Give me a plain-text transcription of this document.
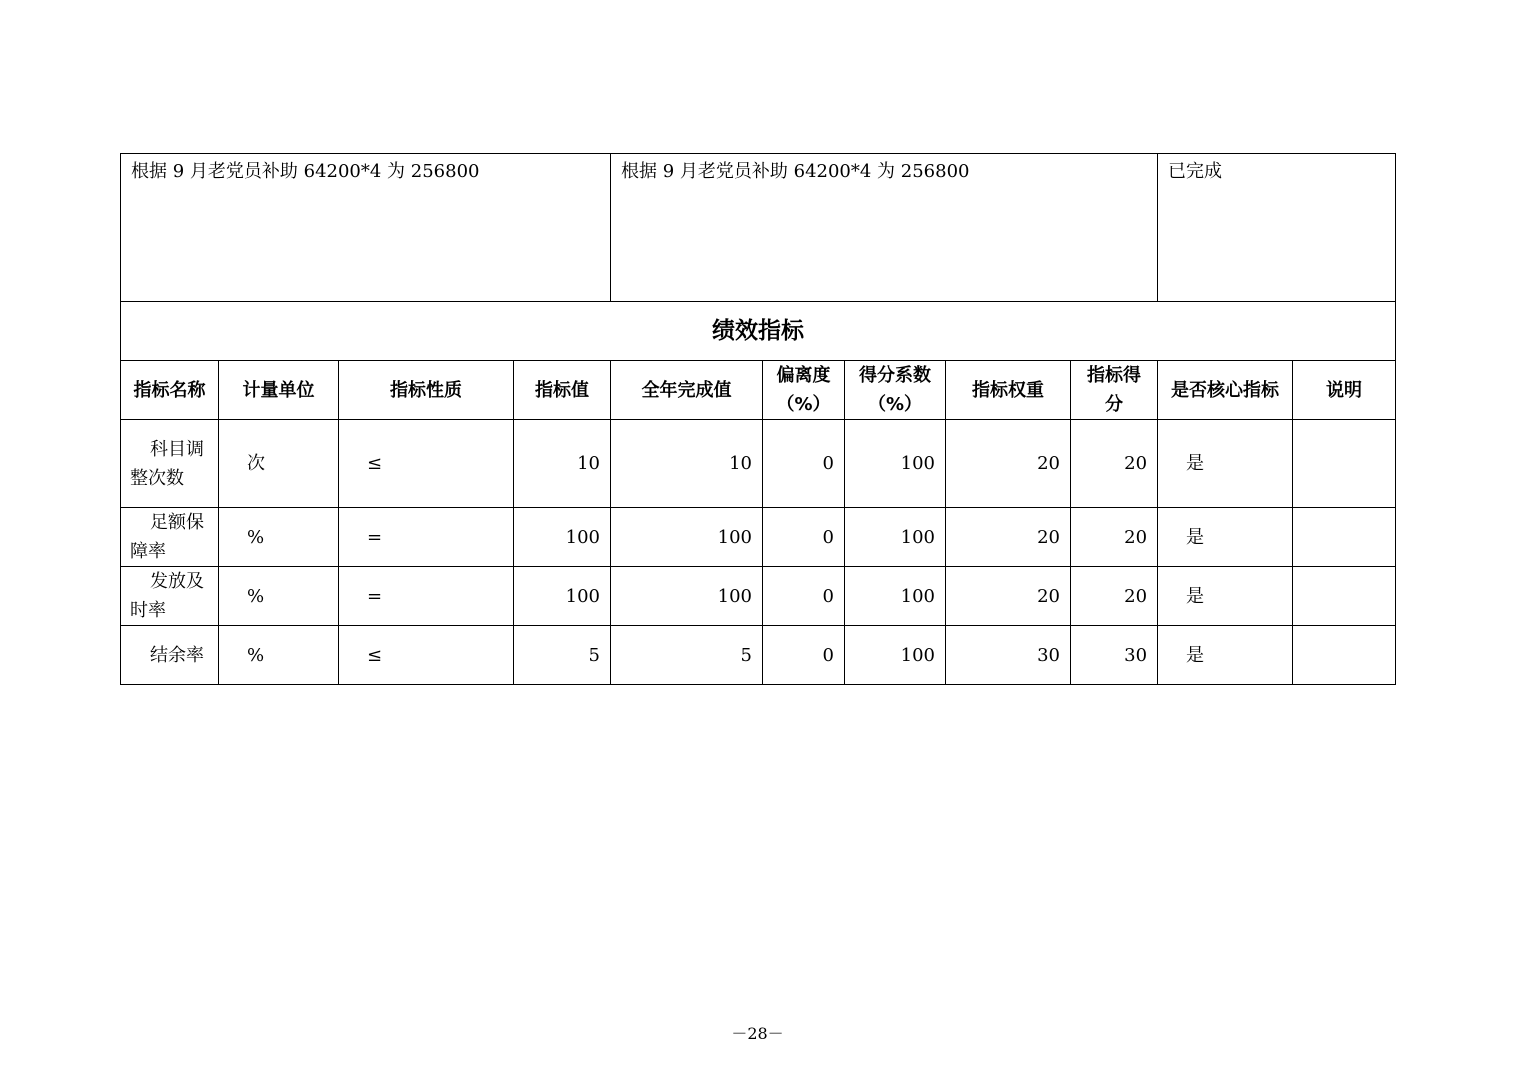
根据 9 月老党员补助 64200*4 为 256800				根据 9 月老党员补助 64200*4 为 256800					已完成	
绩效指标										
指标名称	计量单位	指标性质	指标值	全年完成值	偏离度（%）	得分系数（%）	指标权重	指标得分	是否核心指标	说明
科目调整次数	次	≤	10	10	0	100	20	20	是	
足额保障率	%	=	100	100	0	100	20	20	是	
发放及时率	%	=	100	100	0	100	20	20	是	
结余率	%	≤	5	5	0	100	30	30	是	
－28－
